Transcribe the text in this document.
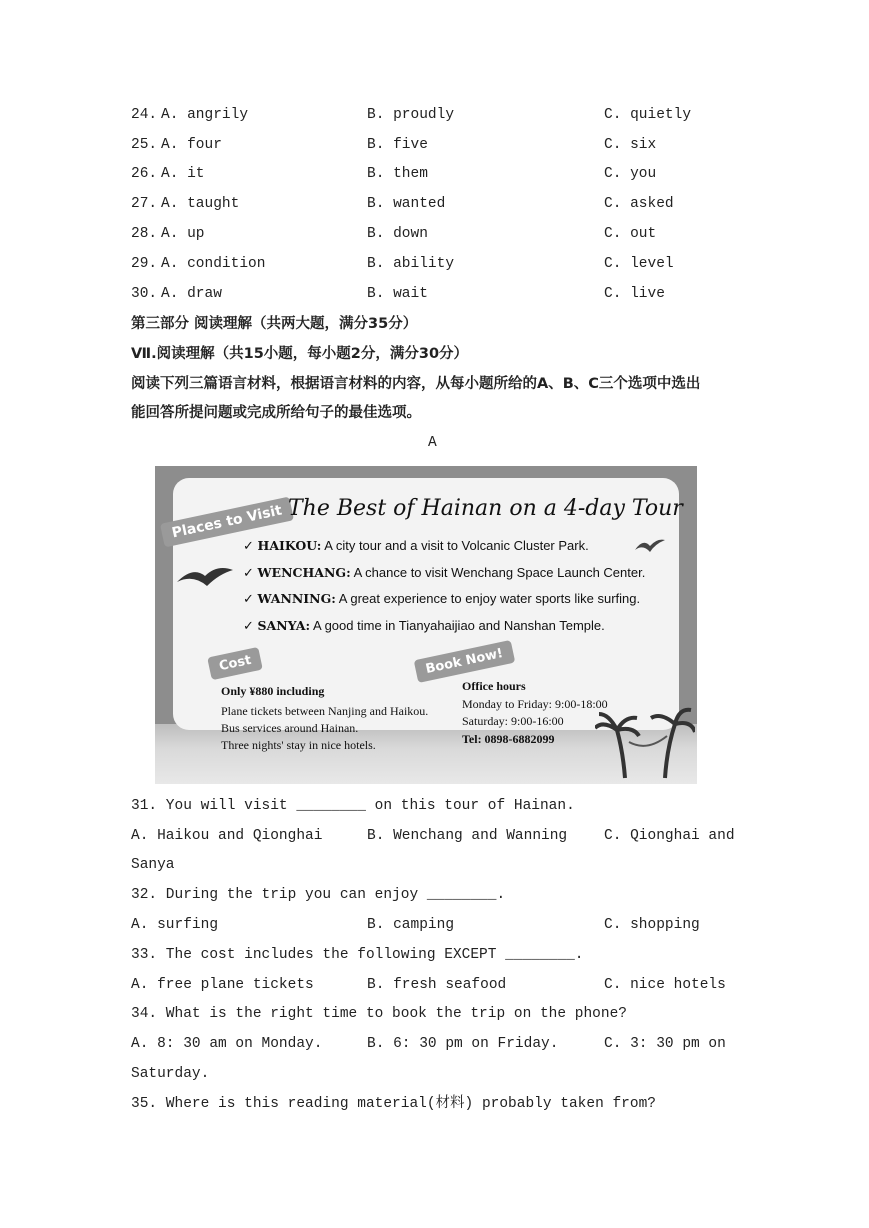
24. A. angrily	B. proudly	C. quietly
25. A. four	B. five	C. six
26. A. it	B. them	C. you
27. A. taught	B. wanted	C. asked
28. A. up	B. down	C. out
29. A. condition	B. ability	C. level
30. A. draw	B. wait	C. live
第三部分 阅读理解（共两大题，满分35分）
Ⅶ.阅读理解（共15小题，每小题2分，满分30分）
阅读下列三篇语言材料，根据语言材料的内容，从每小题所给的A、B、C三个选项中选出
能回答所提问题或完成所给句子的最佳选项。
A
Places to Visit The Best of Hainan on a 4-day Tour
✓ HAIKOU: A city tour and a visit to Volcanic Cluster Park.
✓ WENCHANG: A chance to visit Wenchang Space Launch Center.
✓ WANNING: A great experience to enjoy water sports like surfing.
✓ SANYA: A good time in Tianyahaijiao and Nanshan Temple.
Cost	Book Now!
Only ¥880 including
Plane tickets between Nanjing and Haikou.
Bus services around Hainan.
Three nights' stay in nice hotels.
Office hours
Monday to Friday: 9:00-18:00
Saturday: 9:00-16:00
Tel: 0898-6882099
31. You will visit ________ on this tour of Hainan.
A. Haikou and Qionghai	B. Wenchang and Wanning	C. Qionghai and
Sanya
32. During the trip you can enjoy ________.
A. surfing	B. camping	C. shopping
33. The cost includes the following EXCEPT ________.
A. free plane tickets	B. fresh seafood	C. nice hotels
34. What is the right time to book the trip on the phone?
A. 8: 30 am on Monday.	B. 6: 30 pm on Friday.	C. 3: 30 pm on
Saturday.
35. Where is this reading material(材料) probably taken from?
